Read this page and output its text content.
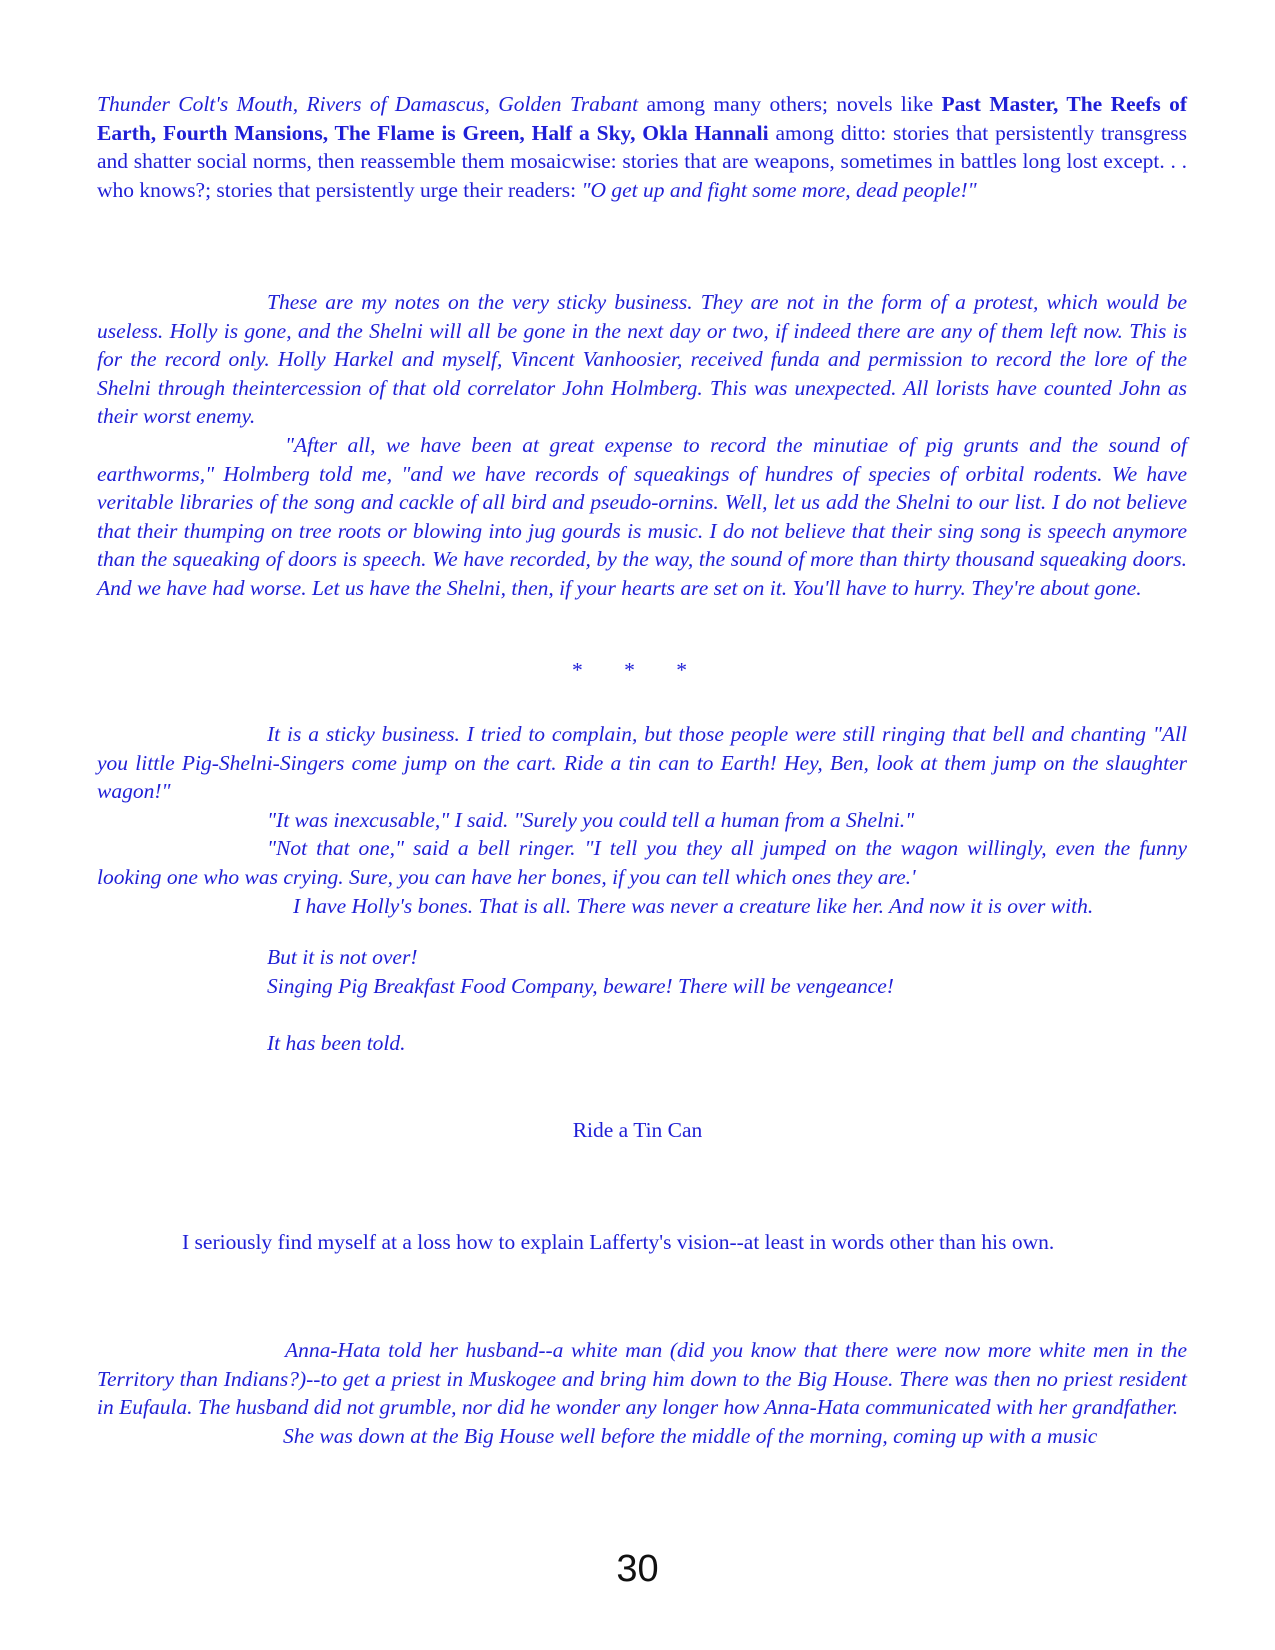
Thunder Colt's Mouth, Rivers of Damascus, Golden Trabant among many others; novels like Past Master, The Reefs of Earth, Fourth Mansions, The Flame is Green, Half a Sky, Okla Hannali among ditto: stories that persistently transgress and shatter social norms, then reassemble them mosaicwise: stories that are weapons, sometimes in battles long lost except. . . who knows?; stories that persistently urge their readers: "O get up and fight some more, dead people!"

These are my notes on the very sticky business. They are not in the form of a protest, which would be useless. Holly is gone, and the Shelni will all be gone in the next day or two, if indeed there are any of them left now. This is for the record only. Holly Harkel and myself, Vincent Vanhoosier, received funda and permission to record the lore of the Shelni through theintercession of that old correlator John Holmberg. This was unexpected. All lorists have counted John as their worst enemy.

"After all, we have been at great expense to record the minutiae of pig grunts and the sound of earthworms," Holmberg told me, "and we have records of squeakings of hundres of species of orbital rodents. We have veritable libraries of the song and cackle of all bird and pseudo-ornins. Well, let us add the Shelni to our list. I do not believe that their thumping on tree roots or blowing into jug gourds is music. I do not believe that their sing song is speech anymore than the squeaking of doors is speech. We have recorded, by the way, the sound of more than thirty thousand squeaking doors. And we have had worse. Let us have the Shelni, then, if your hearts are set on it. You'll have to hurry. They're about gone.

* * *

It is a sticky business. I tried to complain, but those people were still ringing that bell and chanting "All you little Pig-Shelni-Singers come jump on the cart. Ride a tin can to Earth! Hey, Ben, look at them jump on the slaughter wagon!"

"It was inexcusable," I said. "Surely you could tell a human from a Shelni."

"Not that one," said a bell ringer. "I tell you they all jumped on the wagon willingly, even the funny looking one who was crying. Sure, you can have her bones, if you can tell which ones they are.'

I have Holly's bones. That is all. There was never a creature like her. And now it is over with.

But it is not over!

Singing Pig Breakfast Food Company, beware! There will be vengeance!

It has been told.

Ride a Tin Can
I seriously find myself at a loss how to explain Lafferty's vision--at least in words other than his own.

Anna-Hata told her husband--a white man (did you know that there were now more white men in the Territory than Indians?)--to get a priest in Muskogee and bring him down to the Big House. There was then no priest resident in Eufaula. The husband did not grumble, nor did he wonder any longer how Anna-Hata communicated with her grandfather.

She was down at the Big House well before the middle of the morning, coming up with a music

30
